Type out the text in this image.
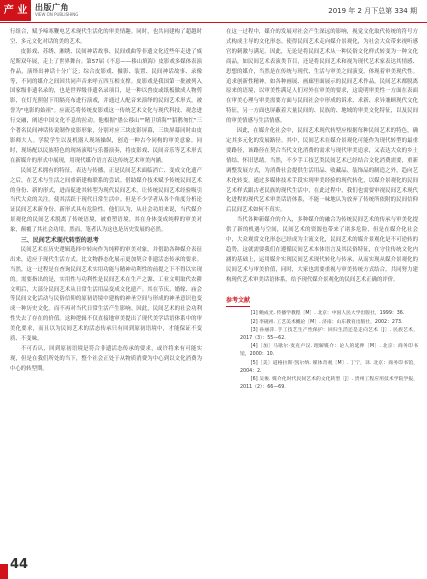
产 业 出版广角
VIEW ON PUBLISHING	2019 年 2 月下总第 334 期

行组合，赋予啼寒鞭电艺术现代生活化的审美情趣。同时，也共同建构了超越时空、多元文化对话的美的艺术。

皮影戏、苏绣、湘绣、民间神话故事、民间戏曲等非遗文化近些年走进了威尼斯双年展，走上了世界舞台。第57届《不息——移山填海》皮影戏多媒体表演作品，演绎出神话十分广泛；综合皮影戏、摄影、装置、民间神话故事、录像等，不同的媒介之间因共同声音来呼五四互相支撑。皮影戏是我国第一批被列入国家级非遗名录的，也是世界级非遗名录项目，是一种以兽皮或纸板做成人物剪影，在灯光照射下用隔亮布进行演戏，并通过人配音来演绎的民间艺术形式，被誉为"电影的始祖"。应流芯将传统皮影戏这一传统艺术文化与现代科技、观念进行交融，阐述中国文化不息的拉动。他根据"愚公移山""精卫填海""貂鹊匆忙"三个著名民间神话传说制作皮影形象，分别对应三块皮影屏幕，三块屏幕同时由皮影师大人。学院学生以及机器人现场操纵，创造一种古今同构的审美意象。同时，现场配以民族特色的现场演唱与乐器演奏，将皮影戏、民间音乐等艺术形式在新媒介的形式中展现，用现代媒介语言表达传统艺术审美内涵。

民间艺术拥有的特征，表达与传播，正是民间艺术面临消亡、变成文化遗产之后，在艺术与生活之间重新建构联系的尝试。借助媒介技术赋予传统民间艺术的身份、新的形式，进而促进其转型为现代民间艺术，让传统民间艺术经验吸引当代大众的关注。使其活跃于现代日常生活中。但是不少学者从各个角度分析论证民间艺术新身份、新形式具有危险性。他们认为，从社会功用来说，当代媒介景观化的民间艺术脱离了传统语境，被重塑语境。其在身体变成纯粹的审美对象，颠覆了其社会功用。然而，笔者认为这也是历史发展的必然。

三、民间艺术现代转型的思考

民间艺术在历史逻辑选择中转向作为纯粹的审美对象，并借助各种媒介表征出来，适应于现代生活方式。比文物静态化展示更加契合非遗活态传承的要求。当然，这一过程是在查询民间艺术实用功能与精神功利性的前提之下不得以实现的。需要指出的是，实用性与功利性是民间艺术在生产之源、工业文明取代农耕文明后，大部分民间艺术从日常生活用品变成文化遗产。其在节庆、婚嫁、庙会等民间文化活动与民俗信仰的原初语境中建构的神圣空间与形成的神圣意识也变成一种历史文化。而不再对当代日常生活产生影响。因此，民间艺术的社会功利性失去了存在的价值。这种逻辑不仅直接地审美提出了现代美学话语体系中的审美化要求，而且以为民间艺术的活态传承只有回到原初语境中，才能保证不变质、不变味。

不可否认，回到原初语境是符合非遗活态传承的要求，或许将来有可能实现，但是在我们所处的当下，整个社会正处于从物质消费为中心到以文化消费为中心的转型期。

在这一过程中，媒介的发展对社会产生深远的影响，视觉文化取代传统的符号方式构成主导的文化形态。使得民间艺术走向媒介景观化，为社会大众带来视听感官的刺激与满足。因此，无论是将民间艺术从一种民俗文化样式转变为一种文化商品，如民间艺术表演类节目，还是将民间艺术和视为现代艺术家表达其情感、思想的媒介，当然是在传统与现代、生活与审美之间演变，体现着审美现代性。追求创新性精神。如各种画展、画廊里面展示的民间艺术作品，民间艺术都脱离原来的语境，以审美性满足人们对外在审美的要求，这说明审美性一方面在表面在审美心理与审美需要方面与民间社会中形成的诉求、求新、求异兼顾现代文化特征，另一方面也屏蔽着大量民间的、民族的、地域的审美文化特征，以及民间的审美情感与生活情感。

因此，在媒介化社会中，民间艺术现代转型应根据每种民间艺术的特色，确定其多元化的发展路径。其中，民间艺术在媒介景观化可能作为现代转型的最重要路径，该路径在契合当代文化消费的需求与现代审美追求，又表达大众的乡土情结、怀旧思绪。当然，不少手工技艺类民间艺术已经结合文化消费需要，重新调整发展方式，为消费社会提供生活用品、收藏品、装饰品的制造之外，趋向艺术化转变。通过多媒体技术手段实现审美经验的现代转化，以媒介景观化的民间艺术样式跟古老民族的现代生活中，在此过程中，我们也需要审视民间艺术现代化进程的现代艺术审美话语体系，不能一味地认为放弃了传统所依附的民间信仰后民间艺术如何不真实。

当代各种新媒介的介入，多种媒介的融合为传统民间艺术的传承与审美化提供了新的机遇与空间，民间艺术的资源也带来了诸多危险，但是在媒介化社会中，大众观赏文化形态已经成为主流文化，民间艺术的媒介景观化是不可逆转的趋势，这就需要我们在遵循民间艺术本体语言及其民俗特征，在守住传统文化内涵的基础上，运用媒介实现民间艺术现代转化与传承，从而实现从媒介景观化的民间艺术与审美价值，同时，大家也需要重视与审美传统方式结合，共同努力建构现代艺术审美话语体系，给予现代媒介景观化的民间艺术正确的评价。

参考文献

[1] 鲍成光. 传播学教程［M］. 北京：中国人民大学出版社，1999：36.

[2] 李砚祖. 工艺美术概论［M］. 济南：山东教育出版社，2002：273.

[3] 孙丽萍. 手工技艺生产性保护：回归生活还是走向艺术［J］. 民族艺术，2017（3）：55—62.

[4]［加］马歇尔·麦克卢汉. 理解媒介：论人的延伸［M］. 北京：商务印书馆，2000：10.

[5]［美］道格拉斯·凯尔纳. 媒体奇观［M］. 丁宁，译. 北京：商务印书馆，2004：2.

[6] 吴俊. 媒介化时代民间艺术的文化转型［J］. 贵州工程应用技术学院学报，2011（2）：66—69.

44
